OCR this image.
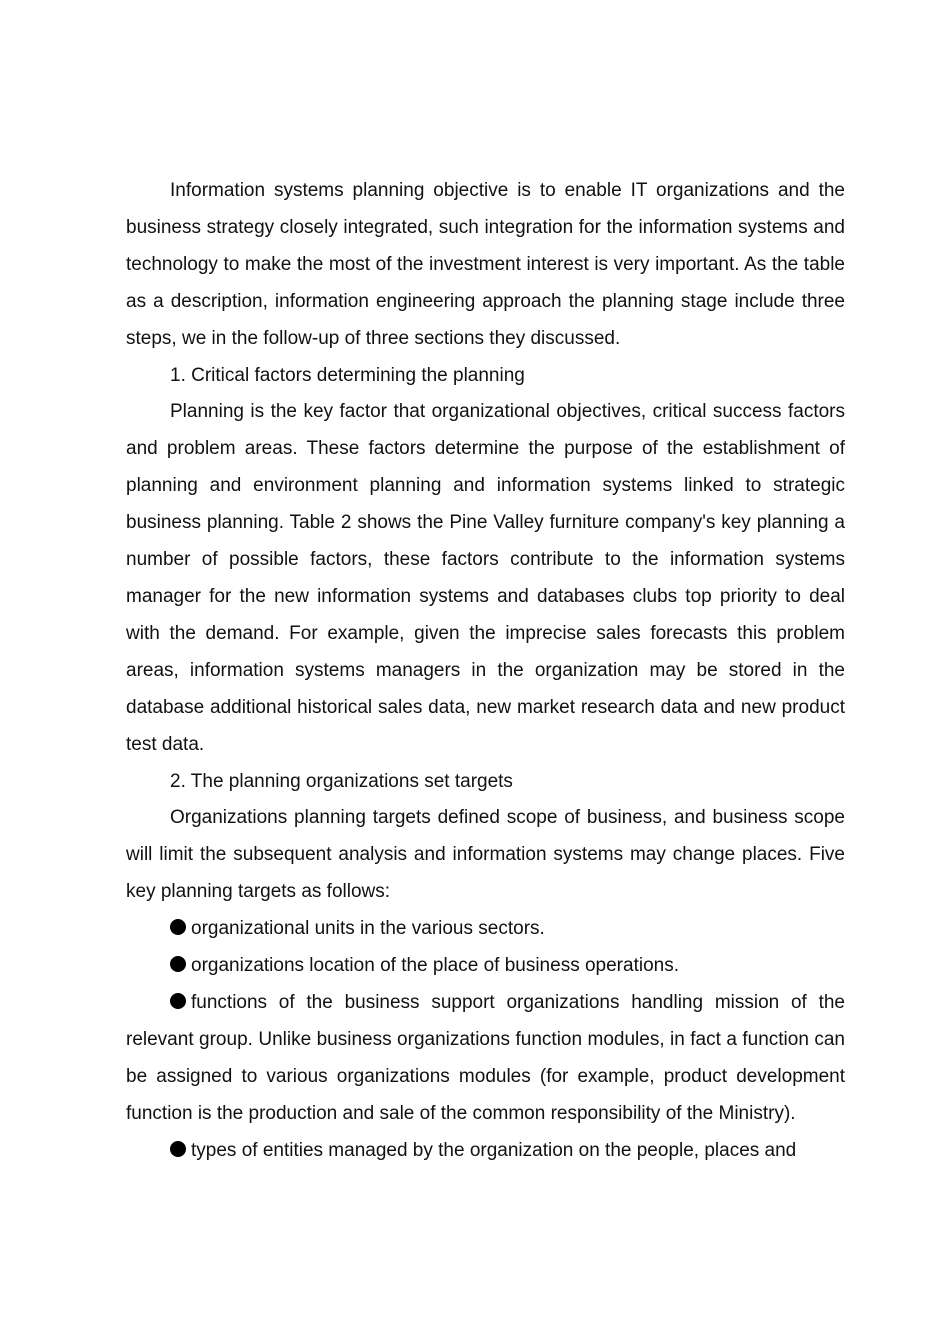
Information systems planning objective is to enable IT organizations and the business strategy closely integrated, such integration for the information systems and technology to make the most of the investment interest is very important. As the table as a description, information engineering approach the planning stage include three steps, we in the follow-up of three sections they discussed.

1. Critical factors determining the planning

Planning is the key factor that organizational objectives, critical success factors and problem areas. These factors determine the purpose of the establishment of planning and environment planning and information systems linked to strategic business planning. Table 2 shows the Pine Valley furniture company's key planning a number of possible factors, these factors contribute to the information systems manager for the new information systems and databases clubs top priority to deal with the demand. For example, given the imprecise sales forecasts this problem areas, information systems managers in the organization may be stored in the database additional historical sales data, new market research data and new product test data.

2. The planning organizations set targets

Organizations planning targets defined scope of business, and business scope will limit the subsequent analysis and information systems may change places. Five key planning targets as follows:

organizational units in the various sectors.

organizations location of the place of business operations.

functions of the business support organizations handling mission of the relevant group. Unlike business organizations function modules, in fact a function can be assigned to various organizations modules (for example, product development function is the production and sale of the common responsibility of the Ministry).

types of entities managed by the organization on the people, places and
